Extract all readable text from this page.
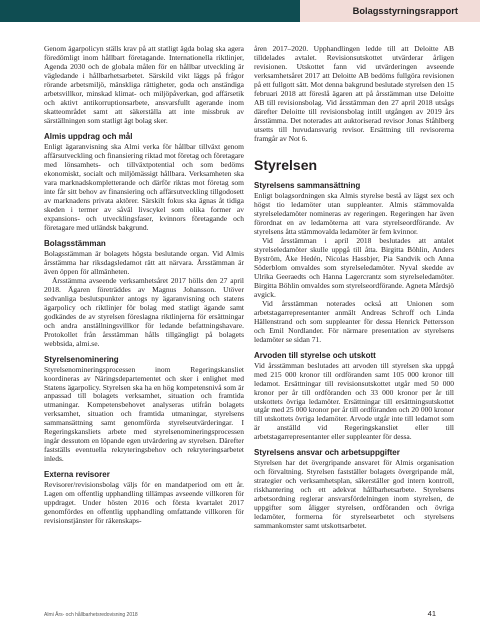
Bolagsstyrningsrapport

Genom ägarpolicyn ställs krav på att statligt ägda bolag ska agera föredömligt inom hållbart företagande. Internationella riktlinjer, Agenda 2030 och de globala målen för en hållbar utveckling är vägledande i hållbarhetsarbetet. Särskild vikt läggs på frågor rörande arbetsmiljö, mänskliga rättigheter, goda och anständiga arbetsvillkor, minskad klimat- och miljöpåverkan, god affärsetik och aktivt antikorruptionsarbete, ansvarsfullt agerande inom skatteområdet samt att säkerställa att inte missbruk av särställningen som statligt ägt bolag sker.

Almis uppdrag och mål

Enligt ägaranvisning ska Almi verka för hållbar tillväxt genom affärsutveckling och finansiering riktad mot företag och företagare med lönsamhets- och tillväxtpotential och som bedöms ekonomiskt, socialt och miljömässigt hållbara. Verksamheten ska vara marknadskompletterande och därför riktas mot företag som inte får sitt behov av finansiering och affärsutveckling tillgodosett av marknadens privata aktörer. Särskilt fokus ska ägnas åt tidiga skeden i termer av såväl livscykel som olika former av expansions- och utvecklingsfaser, kvinnors företagande och företagare med utländsk bakgrund.

Bolagsstämman

Bolagsstämman är bolagets högsta beslutande organ. Vid Almis årsstämma har riksdagsledamot rätt att närvara. Årsstämman är även öppen för allmänheten.

Årsstämma avseende verksamhetsåret 2017 hölls den 27 april 2018. Ägaren företräddes av Magnus Johansson. Utöver sedvanliga beslutspunkter antogs ny ägaranvisning och statens ägarpolicy och riktlinjer för bolag med statligt ägande samt godkändes de av styrelsen föreslagna riktlinjerna för ersättningar och andra anställningsvillkor för ledande befattningshavare. Protokollet från årsstämman hålls tillgängligt på bolagets webbsida, almi.se.

Styrelsenominering

Styrelsenomineringsprocessen inom Regeringskansliet koordineras av Näringsdepartementet och sker i enlighet med Statens ägarpolicy. Styrelsen ska ha en hög kompetensnivå som är anpassad till bolagets verksamhet, situation och framtida utmaningar. Kompetensbehovet analyseras utifrån bolagets verksamhet, situation och framtida utmaningar, styrelsens sammansättning samt genomförda styrelseutvärderingar. I Regeringskansliets arbete med styrelsenomineringsprocessen ingår dessutom en löpande egen utvärdering av styrelsen. Därefter fastställs eventuella rekryteringsbehov och rekryteringsarbetet inleds.

Externa revisorer

Revisorer/revisionsbolag väljs för en mandatperiod om ett år. Lagen om offentlig upphandling tillämpas avseende villkoren för uppdraget. Under hösten 2016 och första kvartalet 2017 genomfördes en offentlig upphandling omfattande villkoren för revisionstjänster för räkenskaps-

åren 2017–2020. Upphandlingen ledde till att Deloitte AB tilldelades avtalet. Revisionsutskottet utvärderar årligen revisionen. Utskottet fann vid utvärderingen avseende verksamhetsåret 2017 att Deloitte AB bedöms fullgöra revisionen på ett fullgott sätt. Mot denna bakgrund beslutade styrelsen den 15 februari 2018 att föreslå ägaren att på årsstämman utse Deloitte AB till revisionsbolag. Vid årsstämman den 27 april 2018 utsågs därefter Deloitte till revisionsbolag intill utgången av 2019 års årsstämma. Det noterades att auktoriserad revisor Jonas Ståhlberg utsetts till huvudansvarig revisor. Ersättning till revisorerna framgår av Not 6.

Styrelsen
Styrelsens sammansättning

Enligt bolagsordningen ska Almis styrelse bestå av lägst sex och högst tio ledamöter utan suppleanter. Almis stämmovalda styrelseledamöter nomineras av regeringen. Regeringen har även förordnat en av ledamöterna att vara styrelseordförande. Av styrelsens åtta stämmovalda ledamöter är fem kvinnor.

Vid årsstämman i april 2018 beslutades att antalet styrelseledamöter skulle uppgå till åtta. Birgitta Böhlin, Anders Byström, Åke Hedén, Nicolas Hassbjer, Pia Sandvik och Anna Söderblom omvaldes som styrelseledamöter. Nyval skedde av Ulrika Geeraedts och Hanna Lagercrantz som styrelseledamöter. Birgitta Böhlin omvaldes som styrelseordförande. Agneta Mårdsjö avgick.

Vid årsstämman noterades också att Unionen som arbetstagarrepresentanter anmält Andreas Schroff och Linda Hällenstrand och som suppleanter för dessa Henrick Pettersson och Emil Nordlander. För närmare presentation av styrelsens ledamöter se sidan 71.

Arvoden till styrelse och utskott

Vid årsstämman beslutades att arvoden till styrelsen ska uppgå med 215 000 kronor till ordföranden samt 105 000 kronor till ledamot. Ersättningar till revisionsutskottet utgår med 50 000 kronor per år till ordföranden och 33 000 kronor per år till utskottets övriga ledamöter. Ersättningar till ersättningsutskottet utgår med 25 000 kronor per år till ordföranden och 20 000 kronor till utskottets övriga ledamöter. Arvode utgår inte till ledamot som är anställd vid Regeringskansliet eller till arbetstagarrepresentanter eller suppleanter för dessa.

Styrelsens ansvar och arbetsuppgifter

Styrelsen har det övergripande ansvaret för Almis organisation och förvaltning. Styrelsen fastställer bolagets övergripande mål, strategier och verksamhetsplan, säkerställer god intern kontroll, riskhantering och ett adekvat hållbarhetsarbete. Styrelsens arbetsordning reglerar ansvarsfördelningen inom styrelsen, de uppgifter som åligger styrelsen, ordföranden och övriga ledamöter, formerna för styrelsearbetet och styrelsens sammankomster samt utskottsarbetet.

Almi Års- och hållbarhetsredovisning 2018	41
